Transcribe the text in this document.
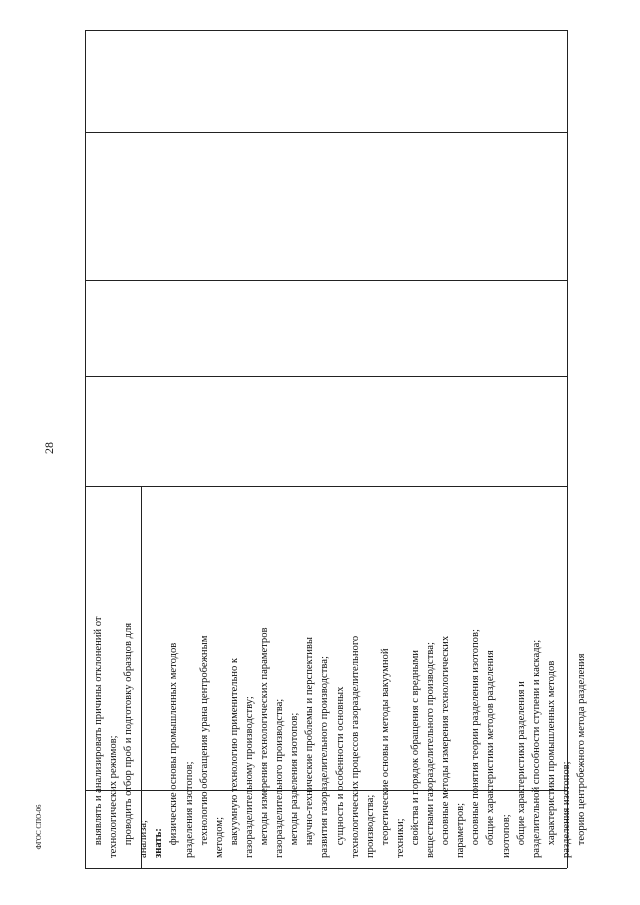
28
ФГОС СПО-06	выявлять и анализировать причины отклонений от технологических режимов; проводить отбор проб и подготовку образцов для анализа; знать: физические основы промышленных методов разделения изотопов; технологию обогащения урана центробежным методом; вакуумную технологию применительно к газоразделительному производству; методы измерения технологических параметров газоразделительного производства; методы разделения изотопов; научно-технические проблемы и перспективы развития газоразделительного производства; сущность и особенности основных технологических процессов газоразделительного производства; теоретические основы и методы вакуумной техники; свойства и порядок обращения с вредными веществами газоразделительного производства; основные методы измерения технологических параметров; основные понятия теории разделения изотопов; общие характеристики методов разделения изотопов; общие характеристики разделения и разделительной способности ступени и каскада; характеристики промышленных методов разделения изотопов; теорию центробежного метода разделения
